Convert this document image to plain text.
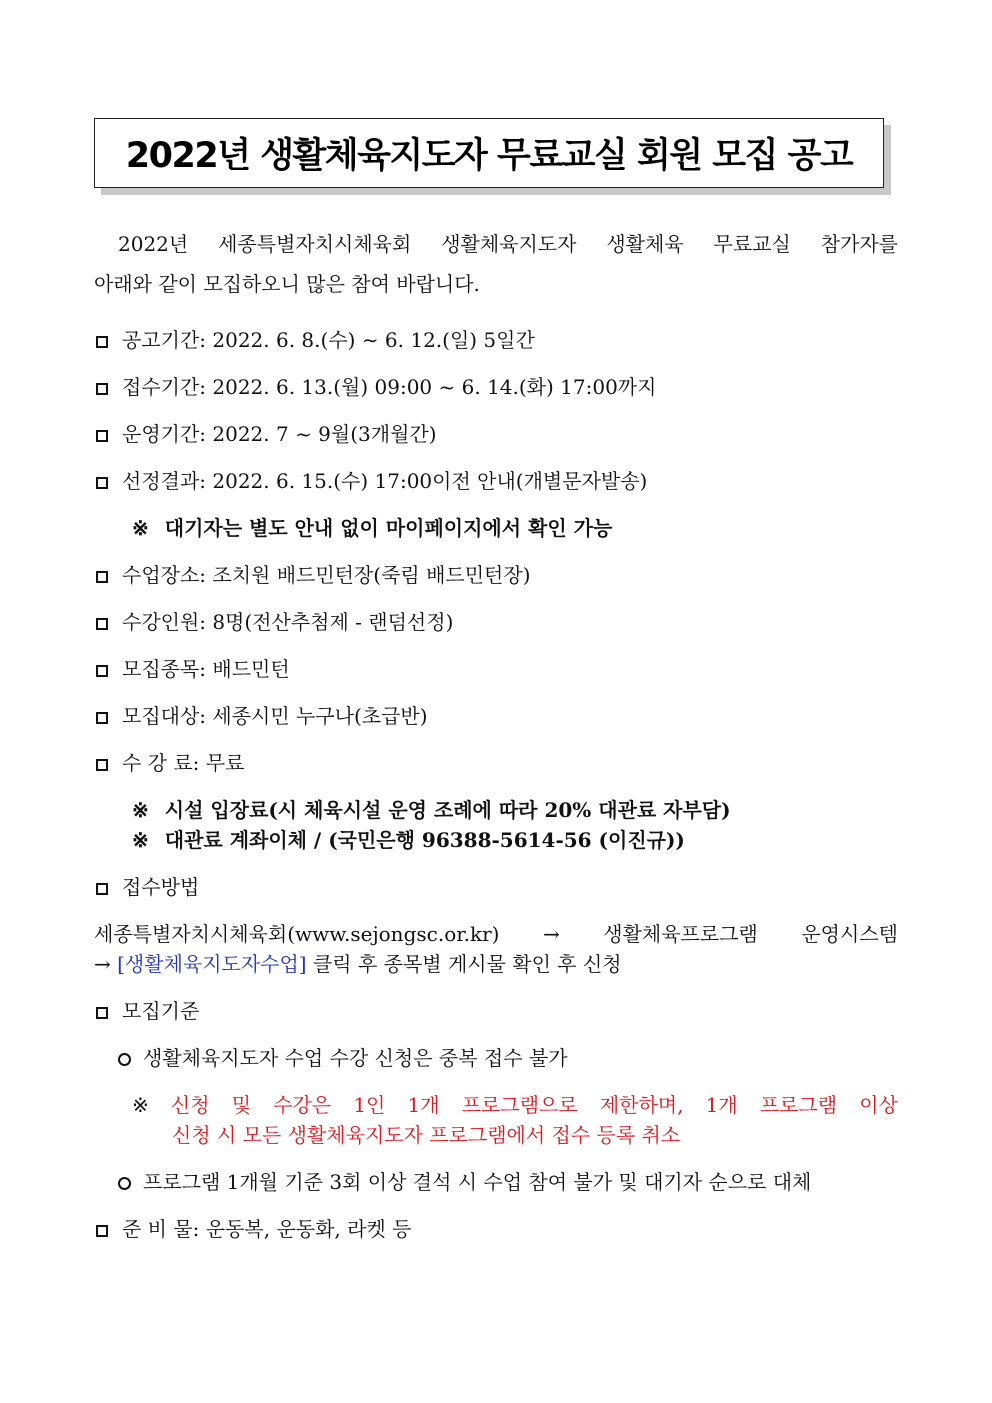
2022년 생활체육지도자 무료교실 회원 모집 공고
2022년 세종특별자치시체육회 생활체육지도자 생활체육 무료교실 참가자를
아래와 같이 모집하오니 많은 참여 바랍니다.
공고기간: 2022. 6. 8.(수) ∼ 6. 12.(일) 5일간
접수기간: 2022. 6. 13.(월) 09:00 ~ 6. 14.(화) 17:00까지
운영기간: 2022. 7 ~ 9월(3개월간)
선정결과: 2022. 6. 15.(수) 17:00이전 안내(개별문자발송)
※ 대기자는 별도 안내 없이 마이페이지에서 확인 가능
수업장소: 조치원 배드민턴장(죽림 배드민턴장)
수강인원: 8명(전산추첨제 - 랜덤선정)
모집종목: 배드민턴
모집대상: 세종시민 누구나(초급반)
수 강 료: 무료
※ 시설 입장료(시 체육시설 운영 조례에 따라 20% 대관료 자부담)
※ 대관료 계좌이체 / (국민은행 96388-5614-56 (이진규))
접수방법
세종특별자치시체육회(www.sejongsc.or.kr) → 생활체육프로그램 운영시스템
→ [생활체육지도자수업] 클릭 후 종목별 게시물 확인 후 신청
모집기준
생활체육지도자 수업 수강 신청은 중복 접수 불가
※ 신청 및 수강은 1인 1개 프로그램으로 제한하며, 1개 프로그램 이상
신청 시 모든 생활체육지도자 프로그램에서 접수 등록 취소
프로그램 1개월 기준 3회 이상 결석 시 수업 참여 불가 및 대기자 순으로 대체
준 비 물: 운동복, 운동화, 라켓 등
